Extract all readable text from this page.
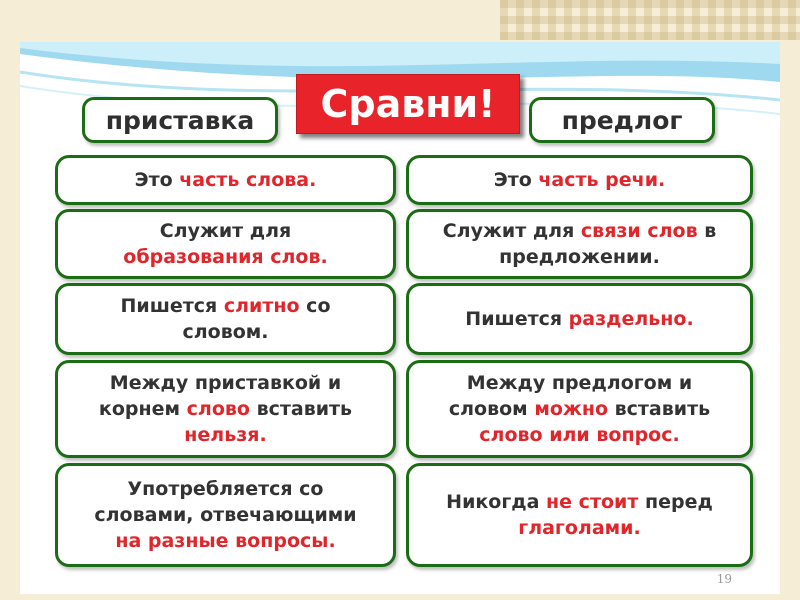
приставка	предлог
Сравни!

Это часть слова.	Это часть речи.

Служит для
образования слов.

Служит для связи слов в
предложении.

Пишется слитно со
словом.

Пишется раздельно.

Между приставкой и
корнем слово вставить
нельзя.

Между предлогом и
словом можно вставить
слово или вопрос.

Употребляется со
словами, отвечающими
на разные вопросы.

Никогда не стоит перед
глаголами.

19
